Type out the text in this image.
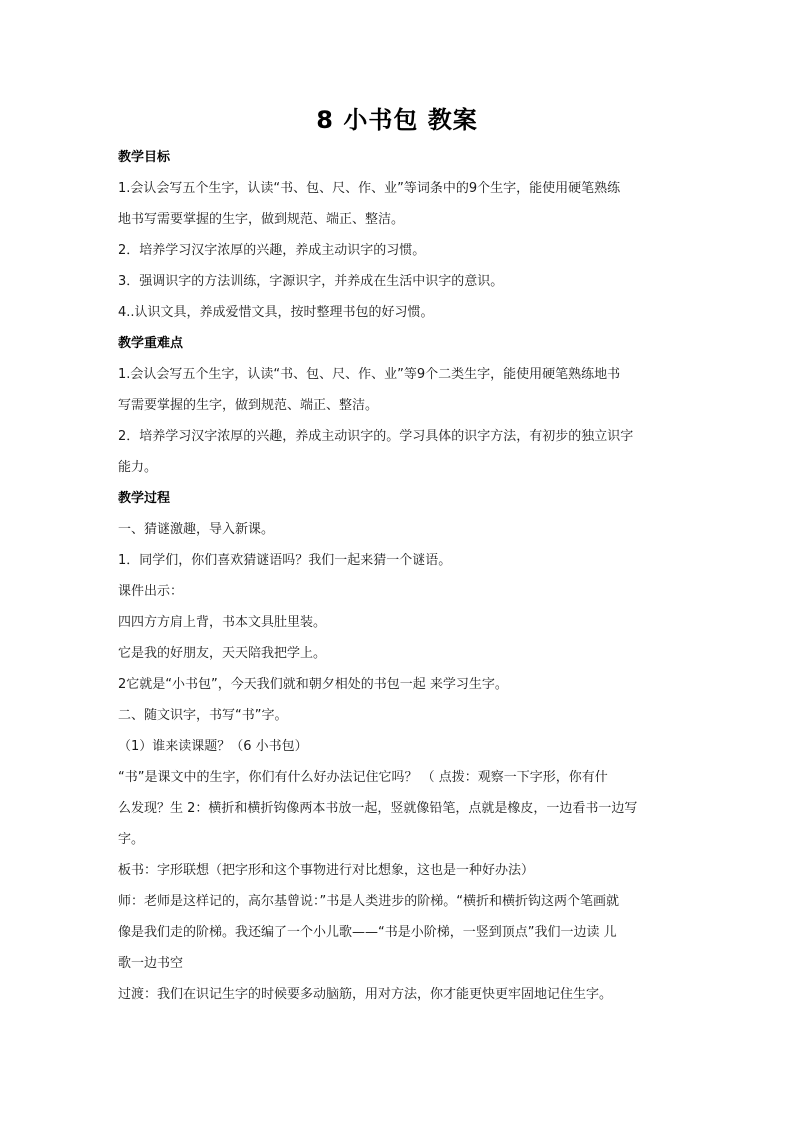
8 小书包 教案
教学目标
1.会认会写五个生字，认读“书、包、尺、作、业”等词条中的9个生字，能使用硬笔熟练
地书写需要掌握的生字，做到规范、端正、整洁。
2．培养学习汉字浓厚的兴趣，养成主动识字的习惯。
3．强调识字的方法训练，字源识字，并养成在生活中识字的意识。
4..认识文具，养成爱惜文具，按时整理书包的好习惯。
教学重难点
1.会认会写五个生字，认读“书、包、尺、作、业”等9个二类生字，能使用硬笔熟练地书
写需要掌握的生字，做到规范、端正、整洁。
2．培养学习汉字浓厚的兴趣，养成主动识字的。学习具体的识字方法，有初步的独立识字
能力。
教学过程
一、猜谜激趣，导入新课。
1．同学们，你们喜欢猜谜语吗？我们一起来猜一个谜语。
课件出示：
四四方方肩上背，书本文具肚里装。
它是我的好朋友，天天陪我把学上。
2它就是“小书包”，今天我们就和朝夕相处的书包一起 来学习生字。
二、随文识字，书写“书”字。
（1）谁来读课题？（6 小书包）
“书”是课文中的生字，你们有什么好办法记住它吗？ （ 点拨：观察一下字形，你有什
么发现？生 2：横折和横折钩像两本书放一起，竖就像铅笔，点就是橡皮，一边看书一边写
字。
板书：字形联想（把字形和这个事物进行对比想象，这也是一种好办法）
师：老师是这样记的，高尔基曾说：”书是人类进步的阶梯。“横折和横折钩这两个笔画就
像是我们走的阶梯。我还编了一个小儿歌——“书是小阶梯，一竖到顶点”我们一边读 儿
歌一边书空
过渡：我们在识记生字的时候要多动脑筋，用对方法，你才能更快更牢固地记住生字。
